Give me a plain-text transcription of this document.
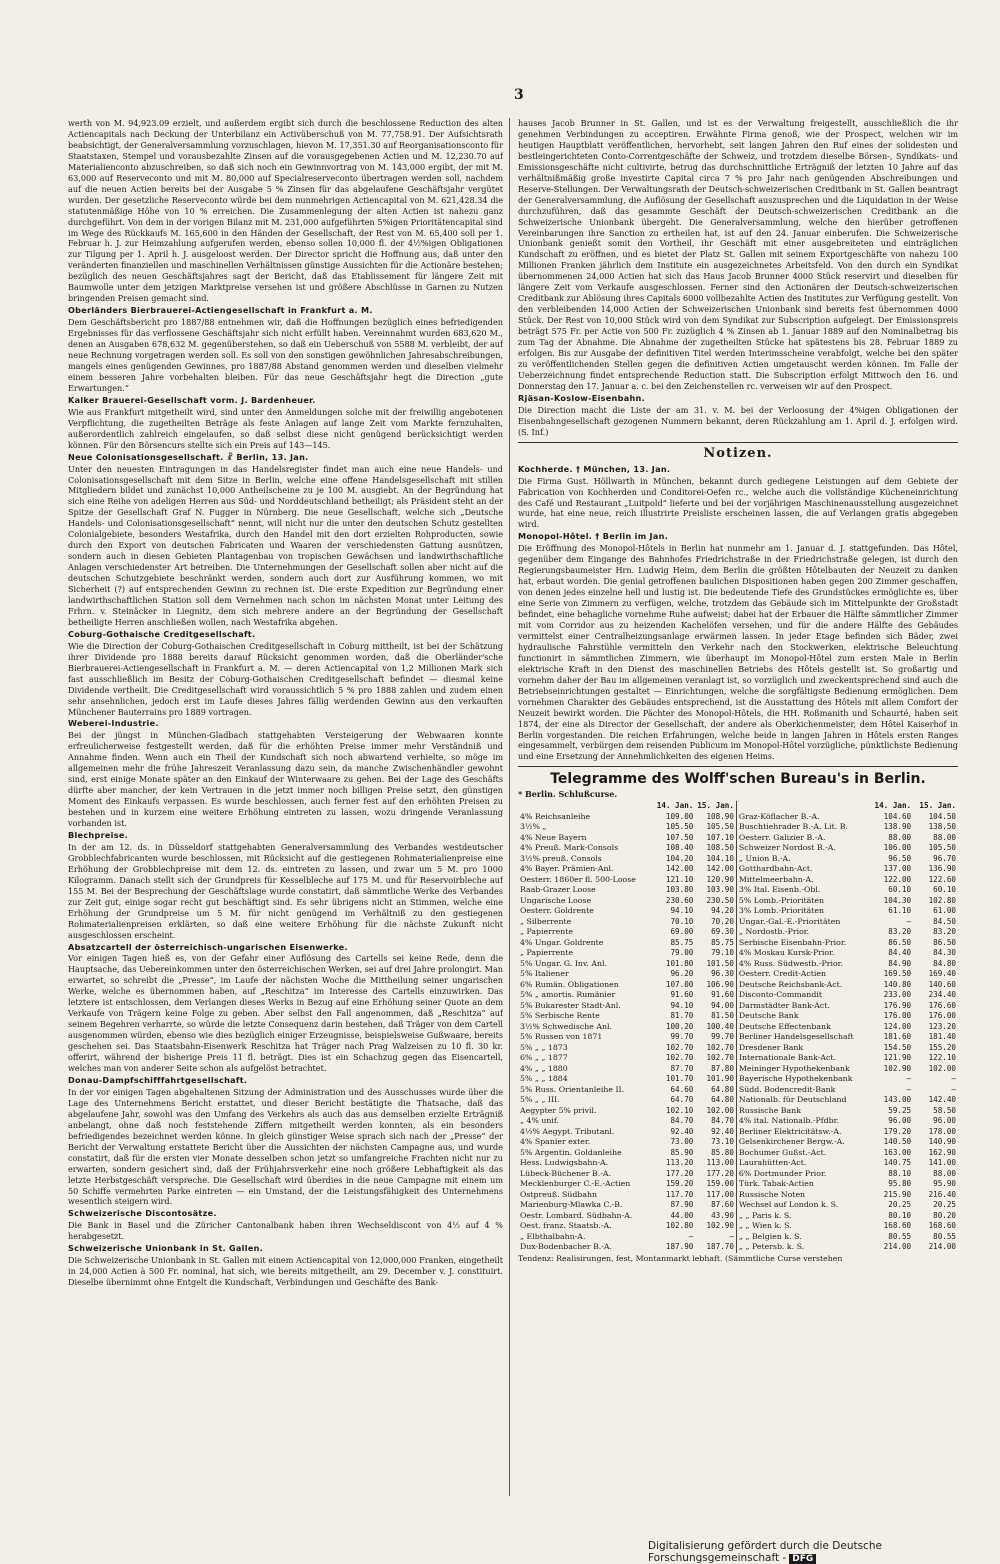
3

werth von M. 94,923.09 erzielt, und außerdem ergibt sich durch die beschlossene Reduction des alten Actiencapitals nach Deckung der Unterbilanz ein Activüberschuß von M. 77,758.91. Der Aufsichtsrath beabsichtigt, der Generalversammlung vorzuschlagen, hievon M. 17,351.30 auf Reorganisationsconto für Staatstaxen, Stempel und vorausbezahlte Zinsen auf die vorausgegebenen Actien und M. 12,230.70 auf Materialienconto abzuschreiben, so daß sich noch ein Gewinnvortrag von M. 143,000 ergibt, der mit M. 63,000 auf Reserveconto und mit M. 80,000 auf Specialreserveconto übertragen werden soll, nachdem auf die neuen Actien bereits bei der Ausgabe 5 % Zinsen für das abgelaufene Geschäftsjahr vergütet wurden. Der gesetzliche Reserveconto würde bei dem nunmehrigen Actiencapital von M. 621,428.34 die statutenmäßige Höhe von 10 % erreichen. Die Zusammenlegung der alten Actien ist nahezu ganz durchgeführt. Von dem in der vorigen Bilanz mit M. 231,000 aufgeführten 5%igen Prioritätencapital sind im Wege des Rückkaufs M. 165,600 in den Händen der Gesellschaft, der Rest von M. 65,400 soll per 1. Februar h. J. zur Heimzahlung aufgerufen werden, ebenso sollen 10,000 fl. der 4½%igen Obligationen zur Tilgung per 1. April h. J. ausgeloost werden. Der Director spricht die Hoffnung aus, daß unter den veränderten finanziellen und maschinellen Verhältnissen günstige Aussichten für die Actionäre bestehen; bezüglich des neuen Geschäftsjahres sagt der Bericht, daß das Etablissement für längere Zeit mit Baumwolle unter dem jetzigen Marktpreise versehen ist und größere Abschlüsse in Garnen zu Nutzen bringenden Preisen gemacht sind.

Oberländers Bierbrauerei-Actiengesellschaft in Frankfurt a. M.

Dem Geschäftsbericht pro 1887/88 entnehmen wir, daß die Hoffnungen bezüglich eines befriedigenden Ergebnisses für das verflossene Geschäftsjahr sich nicht erfüllt haben. Vereinnahmt wurden 683,620 M., denen an Ausgaben 678,632 M. gegenüberstehen, so daß ein Ueberschuß von 5588 M. verbleibt, der auf neue Rechnung vorgetragen werden soll. Es soll von den sonstigen gewöhnlichen Jahresabschreibungen, mangels eines genügenden Gewinnes, pro 1887/88 Abstand genommen werden und dieselben vielmehr einem besseren Jahre vorbehalten bleiben. Für das neue Geschäftsjahr hegt die Direction „gute Erwartungen.“

Kalker Brauerei-Gesellschaft vorm. J. Bardenheuer.

Wie aus Frankfurt mitgetheilt wird, sind unter den Anmeldungen solche mit der freiwillig angebotenen Verpflichtung, die zugetheilten Beträge als feste Anlagen auf lange Zeit vom Markte fernzuhalten, außerordentlich zahlreich eingelaufen, so daß selbst diese nicht genügend berücksichtigt werden können. Für den Börsencurs stellte sich ein Preis auf 143—145.

Neue Colonisationsgesellschaft. ☧ Berlin, 13. Jan.

Unter den neuesten Eintragungen in das Handelsregister findet man auch eine neue Handels- und Colonisationsgesellschaft mit dem Sitze in Berlin, welche eine offene Handelsgesellschaft mit stillen Mitgliedern bildet und zunächst 10,000 Antheilscheine zu je 100 M. ausgiebt. An der Begründung hat sich eine Reihe von adeligen Herren aus Süd- und Norddeutschland betheiligt; als Präsident steht an der Spitze der Gesellschaft Graf N. Fugger in Nürnberg. Die neue Gesellschaft, welche sich „Deutsche Handels- und Colonisationsgesellschaft“ nennt, will nicht nur die unter den deutschen Schutz gestellten Colonialgebiete, besonders Westafrika, durch den Handel mit den dort erzielten Rohproducten, sowie durch den Export von deutschen Fabricaten und Waaren der verschiedensten Gattung ausnützen, sondern auch in diesen Gebieten Plantagenbau von tropischen Gewächsen und landwirthschaftliche Anlagen verschiedenster Art betreiben. Die Unternehmungen der Gesellschaft sollen aber nicht auf die deutschen Schutzgebiete beschränkt werden, sondern auch dort zur Ausführung kommen, wo mit Sicherheit (?) auf entsprechenden Gewinn zu rechnen ist. Die erste Expedition zur Begründung einer landwirthschaftlichen Station soll dem Vernehmen nach schon im nächsten Monat unter Leitung des Frhrn. v. Steinäcker in Liegnitz, dem sich mehrere andere an der Begründung der Gesellschaft betheiligte Herren anschließen wollen, nach Westafrika abgehen.

Coburg-Gothaische Creditgesellschaft.

Wie die Direction der Coburg-Gothaischen Creditgesellschaft in Coburg mittheilt, ist bei der Schätzung ihrer Dividende pro 1888 bereits darauf Rücksicht genommen worden, daß die Oberländer'sche Bierbrauerei-Actiengesellschaft in Frankfurt a. M. — deren Actiencapital von 1,2 Millionen Mark sich fast ausschließlich im Besitz der Coburg-Gothaischen Creditgesellschaft befindet — diesmal keine Dividende vertheilt. Die Creditgesellschaft wird voraussichtlich 5 % pro 1888 zahlen und zudem einen sehr ansehnlichen, jedoch erst im Laufe dieses Jahres fällig werdenden Gewinn aus den verkauften Münchener Bauterrains pro 1889 vortragen.

Weberei-Industrie.

Bei der jüngst in München-Gladbach stattgehabten Versteigerung der Webwaaren konnte erfreulicherweise festgestellt werden, daß für die erhöhten Preise immer mehr Verständniß und Annahme finden. Wenn auch ein Theil der Kundschaft sich noch abwartend verhielte, so möge im allgemeinen mehr die frühe Jahreszeit Veranlassung dazu sein, da manche Zwischenhändler gewohnt sind, erst einige Monate später an den Einkauf der Winterwaare zu gehen. Bei der Lage des Geschäfts dürfte aber mancher, der kein Vertrauen in die jetzt immer noch billigen Preise setzt, den günstigen Moment des Einkaufs verpassen. Es wurde beschlossen, auch ferner fest auf den erhöhten Preisen zu bestehen und in kurzem eine weitere Erhöhung eintreten zu lassen, wozu dringende Veranlassung vorhanden ist.

Blechpreise.

In der am 12. ds. in Düsseldorf stattgehabten Generalversammlung des Verbandes westdeutscher Grobblechfabricanten wurde beschlossen, mit Rücksicht auf die gestiegenen Rohmaterialienpreise eine Erhöhung der Grobblechpreise mit dem 12. ds. eintreten zu lassen, und zwar um 5 M. pro 1000 Kilogramm. Danach stellt sich der Grundpreis für Kesselbleche auf 175 M. und für Reservoirbleche auf 155 M. Bei der Besprechung der Geschäftslage wurde constatirt, daß sämmtliche Werke des Verbandes zur Zeit gut, einige sogar recht gut beschäftigt sind. Es sehr übrigens nicht an Stimmen, welche eine Erhöhung der Grundpreise um 5 M. für nicht genügend im Verhältniß zu den gestiegenen Rohmaterialienpreisen erklärten, so daß eine weitere Erhöhung für die nächste Zukunft nicht ausgeschlossen erscheint.

Absatzcartell der österreichisch-ungarischen Eisenwerke.

Vor einigen Tagen hieß es, von der Gefahr einer Auflösung des Cartells sei keine Rede, denn die Hauptsache, das Uebereinkommen unter den österreichischen Werken, sei auf drei Jahre prolongirt. Man erwartet, so schreibt die „Presse“, im Laufe der nächsten Woche die Mittheilung seiner ungarischen Werke, welche es übernommen haben, auf „Reschitza“ im Interesse des Cartells einzuwirken. Das letztere ist entschlossen, dem Verlangen dieses Werks in Bezug auf eine Erhöhung seiner Quote an dem Verkaufe von Trägern keine Folge zu geben. Aber selbst den Fall angenommen, daß „Reschitza“ auf seinem Begehren verharrte, so würde die letzte Consequenz darin bestehen, daß Träger von dem Cartell ausgenommen würden, ebenso wie dies bezüglich einiger Erzeugnisse, beispielsweise Gußwaare, bereits geschehen sei. Das Staatsbahn-Eisenwerk Reschitza hat Träger nach Prag Walzeisen zu 10 fl. 30 kr. offerirt, während der bisherige Preis 11 fl. beträgt. Dies ist ein Schachzug gegen das Eisencartell, welches man von anderer Seite schon als aufgelöst betrachtet.

Donau-Dampfschifffahrtgesellschaft.

In der vor einigen Tagen abgehaltenen Sitzung der Administration und des Ausschusses wurde über die Lage des Unternehmens Bericht erstattet, und dieser Bericht bestätigte die Thatsache, daß das abgelaufene Jahr, sowohl was den Umfang des Verkehrs als auch das aus demselben erzielte Erträgniß anbelangt, ohne daß noch feststehende Ziffern mitgetheilt werden konnten, als ein besonders befriedigendes bezeichnet werden könne. In gleich günstiger Weise sprach sich nach der „Presse“ der Bericht der Verwaltung erstattete Bericht über die Aussichten der nächsten Campagne aus, und wurde constatirt, daß für die ersten vier Monate desselben schon jetzt so umfangreiche Frachten nicht nur zu erwarten, sondern gesichert sind, daß der Frühjahrsverkehr eine noch größere Lebhaftigkeit als das letzte Herbstgeschäft verspreche. Die Gesellschaft wird überdies in die neue Campagne mit einem um 50 Schiffe vermehrten Parke eintreten — ein Umstand, der die Leistungsfähigkeit des Unternehmens wesentlich steigern wird.

Schweizerische Discontosätze.

Die Bank in Basel und die Züricher Cantonalbank haben ihren Wechseldiscont von 4½ auf 4 % herabgesetzt.

Schweizerische Unionbank in St. Gallen.

Die Schweizerische Unionbank in St. Gallen mit einem Actiencapital von 12,000,000 Franken, eingetheilt in 24,000 Actien à 500 Fr. nominal, hat sich, wie bereits mitgetheilt, am 29. December v. J. constituirt. Dieselbe übernimmt ohne Entgelt die Kundschaft, Verbindungen und Geschäfte des Bank-

hauses Jacob Brunner in St. Gallen, und ist es der Verwaltung freigestellt, ausschließlich die ihr genehmen Verbindungen zu acceptiren. Erwähnte Firma genoß, wie der Prospect, welchen wir im heutigen Hauptblatt veröffentlichen, hervorhebt, seit langen Jahren den Ruf eines der solidesten und bestleingerichteten Conto-Correntgeschäfte der Schweiz, und trotzdem dieselbe Börsen-, Syndikats- und Emissionsgeschäfte nicht cultivirte, betrug das durchschnittliche Erträgniß der letzten 10 Jahre auf das verhältnißmäßig große investirte Capital circa 7 % pro Jahr nach genügenden Abschreibungen und Reserve-Stellungen. Der Verwaltungsrath der Deutsch-schweizerischen Creditbank in St. Gallen beantragt der Generalversammlung, die Auflösung der Gesellschaft auszusprechen und die Liquidation in der Weise durchzuführen, daß das gesammte Geschäft der Deutsch-schweizerischen Creditbank an die Schweizerische Unionbank übergeht. Die Generalversammlung, welche den hierüber getroffenen Vereinbarungen ihre Sanction zu ertheilen hat, ist auf den 24. Januar einberufen. Die Schweizerische Unionbank genießt somit den Vortheil, ihr Geschäft mit einer ausgebreiteten und einträglichen Kundschaft zu eröffnen, und es bietet der Platz St. Gallen mit seinem Exportgeschäfte von nahezu 100 Millionen Franken jährlich dem Institute ein ausgezeichnetes Arbeitsfeld. Von den durch ein Syndikat übernommenen 24,000 Actien hat sich das Haus Jacob Brunner 4000 Stück reservirt und dieselben für längere Zeit vom Verkaufe ausgeschlossen. Ferner sind den Actionären der Deutsch-schweizerischen Creditbank zur Ablösung ihres Capitals 6000 vollbezahlte Actien des Institutes zur Verfügung gestellt. Von den verbleibenden 14,000 Actien der Schweizerischen Unionbank sind bereits fest übernommen 4000 Stück. Der Rest von 10,000 Stück wird von dem Syndikat zur Subscription aufgelegt. Der Emissionspreis beträgt 575 Fr. per Actie von 500 Fr. zuzüglich 4 % Zinsen ab 1. Januar 1889 auf den Nominalbetrag bis zum Tag der Abnahme. Die Abnahme der zugetheilten Stücke hat spätestens bis 28. Februar 1889 zu erfolgen. Bis zur Ausgabe der definitiven Titel werden Interimsscheine verabfolgt, welche bei den später zu veröffentlichenden Stellen gegen die definitiven Actien umgetauscht werden können. Im Falle der Ueberzeichnung findet entsprechende Reduction statt. Die Subscription erfolgt Mittwoch den 16. und Donnerstag den 17. Januar a. c. bei den Zeichenstellen rc. verweisen wir auf den Prospect.

Rjäsan-Koslow-Eisenbahn.

Die Direction macht die Liste der am 31. v. M. bei der Verloosung der 4%igen Obligationen der Eisenbahngesellschaft gezogenen Nummern bekannt, deren Rückzahlung am 1. April d. J. erfolgen wird. (S. Inf.)

Notizen.

Kochherde. † München, 13. Jan.

Die Firma Gust. Höllwarth in München, bekannt durch gediegene Leistungen auf dem Gebiete der Fabrication von Kochherden und Conditorei-Oefen rc., welche auch die vollständige Kücheneinrichtung des Café und Restaurant „Luitpold“ lieferte und bei der vorjährigen Maschinenausstellung ausgezeichnet wurde, hat eine neue, reich illustrirte Preisliste erscheinen lassen, die auf Verlangen gratis abgegeben wird.

Monopol-Hôtel. † Berlin im Jan.

Die Eröffnung des Monopol-Hôtels in Berlin hat nunmehr am 1. Januar d. J. stattgefunden. Das Hôtel, gegenüber dem Eingange des Bahnhofes Friedrichstraße in der Friedrichstraße gelegen, ist durch den Regierungsbaumeister Hrn. Ludwig Heim, dem Berlin die größten Hôtelbauten der Neuzeit zu danken hat, erbaut worden. Die genial getroffenen baulichen Dispositionen haben gegen 200 Zimmer geschaffen, von denen jedes einzelne hell und lustig ist. Die bedeutende Tiefe des Grundstückes ermöglichte es, über eine Serie von Zimmern zu verfügen, welche, trotzdem das Gebäude sich im Mittelpunkte der Großstadt befindet, eine behagliche vornehme Ruhe aufweist; dabei hat der Erbauer die Hälfte sämmtlicher Zimmer mit vom Corridor aus zu heizenden Kachelöfen versehen, und für die andere Hälfte des Gebäudes vermittelst einer Centralheizungsanlage erwärmen lassen. In jeder Etage befinden sich Bäder, zwei hydraulische Fahrstühle vermitteln den Verkehr nach den Stockwerken, elektrische Beleuchtung functionirt in sämmtlichen Zimmern, wie überhaupt im Monopol-Hôtel zum ersten Male in Berlin elektrische Kraft in den Dienst des maschinellen Betriebs des Hôtels gestellt ist. So großartig und vornehm daher der Bau im allgemeinen veranlagt ist, so vorzüglich und zweckentsprechend sind auch die Betriebseinrichtungen gestaltet — Einrichtungen, welche die sorgfältigste Bedienung ermöglichen. Dem vornehmen Charakter des Gebäudes entsprechend, ist die Ausstattung des Hôtels mit allem Comfort der Neuzeit bewirkt worden. Die Pächter des Monopol-Hôtels, die HH. Roßmanith und Schaurté, haben seit 1874, der eine als Director der Gesellschaft, der andere als Oberkichenmeister, dem Hôtel Kaiserhof in Berlin vorgestanden. Die reichen Erfahrungen, welche beide in langen Jahren in Hôtels ersten Ranges eingesammelt, verbürgen dem reisenden Publicum im Monopol-Hôtel vorzügliche, pünktlichste Bedienung und eine Ersetzung der Annehmlichkeiten des eigenen Heims.

Telegramme des Wolff'schen Bureau's in Berlin.
* Berlin. Schlußcurse.
	14. Jan.	15. Jan.		14. Jan.	15. Jan.
4% Reichsanleihe	109.00	108.90	Graz-Köflacher B.-A.	104.60	104.50
3½% „	105.50	105.50	Buschtiehrader B.-A. Lit. B.	138.90	138.50
4% Neue Bayern	107.50	107.10	Oesterr. Galizier B.-A.	88.00	88.00
4% Preuß. Mark-Consols	108.40	108.50	Schweizer Nordost B.-A.	106.00	105.50
3½% preuß. Consols	104.20	104.10	„ Union B.-A.	96.50	96.70
4% Bayer. Prämien-Anl.	142.00	142.00	Gotthardbahn-Act.	137.00	136.90
Oesterr. 1860er fl. 500-Loose	121.10	120.90	Mittelmeerbahn-A.	122.00	122.60
Raab-Grazer Loose	103.80	103.90	3% Ital. Eisenb.-Obl.	60.10	60.10
Ungarische Loose	230.60	230.50	5% Lomb.-Prioritäten	104.30	102.80
Oesterr. Goldrente	94.10	94.20	3% Lomb.-Prioritäten	61.10	61.00
„ Silberrente	70.10	70.20	Ungar.-Gal.-E.-Prioritäten	—	84.50
„ Papierrente	69.00	69.30	„ Nordostb.-Prior.	83.20	83.20
4% Ungar. Goldrente	85.75	85.75	Serbische Eisenbahn-Prior.	86.50	86.50
„ Papierrente	79.00	79.10	4% Moskau Kursk-Prior.	84.40	84.30
5% Ungar. G. Inv. Anl.	101.80	101.50	4% Russ. Südwestb.-Prior.	84.90	84.80
5% Italiener	96.20	96.30	Oesterr. Credit-Actien	169.50	169.40
6% Rumän. Obligationen	107.00	106.90	Deutsche Reichsbank-Act.	140.80	140.60
5% „ amortis. Rumänier	91.60	91.60	Disconto-Commandit	233.00	234.40
5% Bukarester Stadt-Anl.	94.10	94.00	Darmstädter Bank-Act.	176.90	176.60
5% Serbische Rente	81.70	81.50	Deutsche Bank	176.00	176.00
3½% Schwedische Anl.	100.20	100.40	Deutsche Effectenbank	124.00	123.20
5% Russen von 1871	99.70	99.70	Berliner Handelsgesellschaft	181.60	181.40
5% „ „ 1873	102.70	102.70	Dresdener Bank	154.50	155.20
6% „ „ 1877	102.70	102.70	Internationale Bank-Act.	121.90	122.10
4% „ „ 1880	87.70	87.80	Meininger Hypothekenbank	102.90	102.00
5% „ „ 1884	101.70	101.90	Bayerische Hypothekenbank	—	—
5% Russ. Orientanleihe II.	64.60	64.80	Südd. Bodencredit-Bank	—	—
5% „ „ III.	64.70	64.80	Nationalb. für Deutschland	143.00	142.40
Aegypter 5% privil.	102.10	102.00	Russische Bank	59.25	58.50
„ 4% unif.	84.70	84.70	4% ital. Nationalb.-Pfdbr.	96.00	96.00
4½% Aegypt. Tributanl.	92.40	92.40	Berliner Elektricitätsw.-A.	179.20	178.00
4% Spanier exter.	73.00	73.10	Gelsenkirchener Bergw.-A.	140.50	140.90
5% Argentin. Goldanleihe	85.90	85.80	Bochumer Gußst.-Act.	163.00	162.90
Hess. Ludwigsbahn-A.	113.20	113.00	Laurahütten-Act.	140.75	141.00
Lübeck-Büchener B.-A.	177.20	177.20	6% Dortmunder Prior.	88.10	88.00
Mecklenburger C.-E.-Actien	159.20	159.00	Türk. Tabak-Actien	95.80	95.90
Ostpreuß. Südbahn	117.70	117.00	Russische Noten	215.90	216.40
Marienburg-Mlawka C.-B.	87.90	87.60	Wechsel auf London k. S.	20.25	20.25
Oestr. Lombard. Südbahn-A.	44.00	43.90	„ „ Paris k. S.	80.10	80.20
Oest. franz. Staatsb.-A.	102.80	102.90	„ „ Wien k. S.	168.60	168.60
„ Elbthalbahn-A.	—	—	„ „ Belgien k. S.	80.55	80.55
Dux-Bodenbacher B.-A.	187.90	187.70	„ „ Petersb. k. S.	214.00	214.00
Tendenz: Realisirungen, fest, Montanmarkt lebhaft. (Sämmtliche Curse verstehen
Digitalisierung gefördert durch die Deutsche Forschungsgemeinschaft - DFG
